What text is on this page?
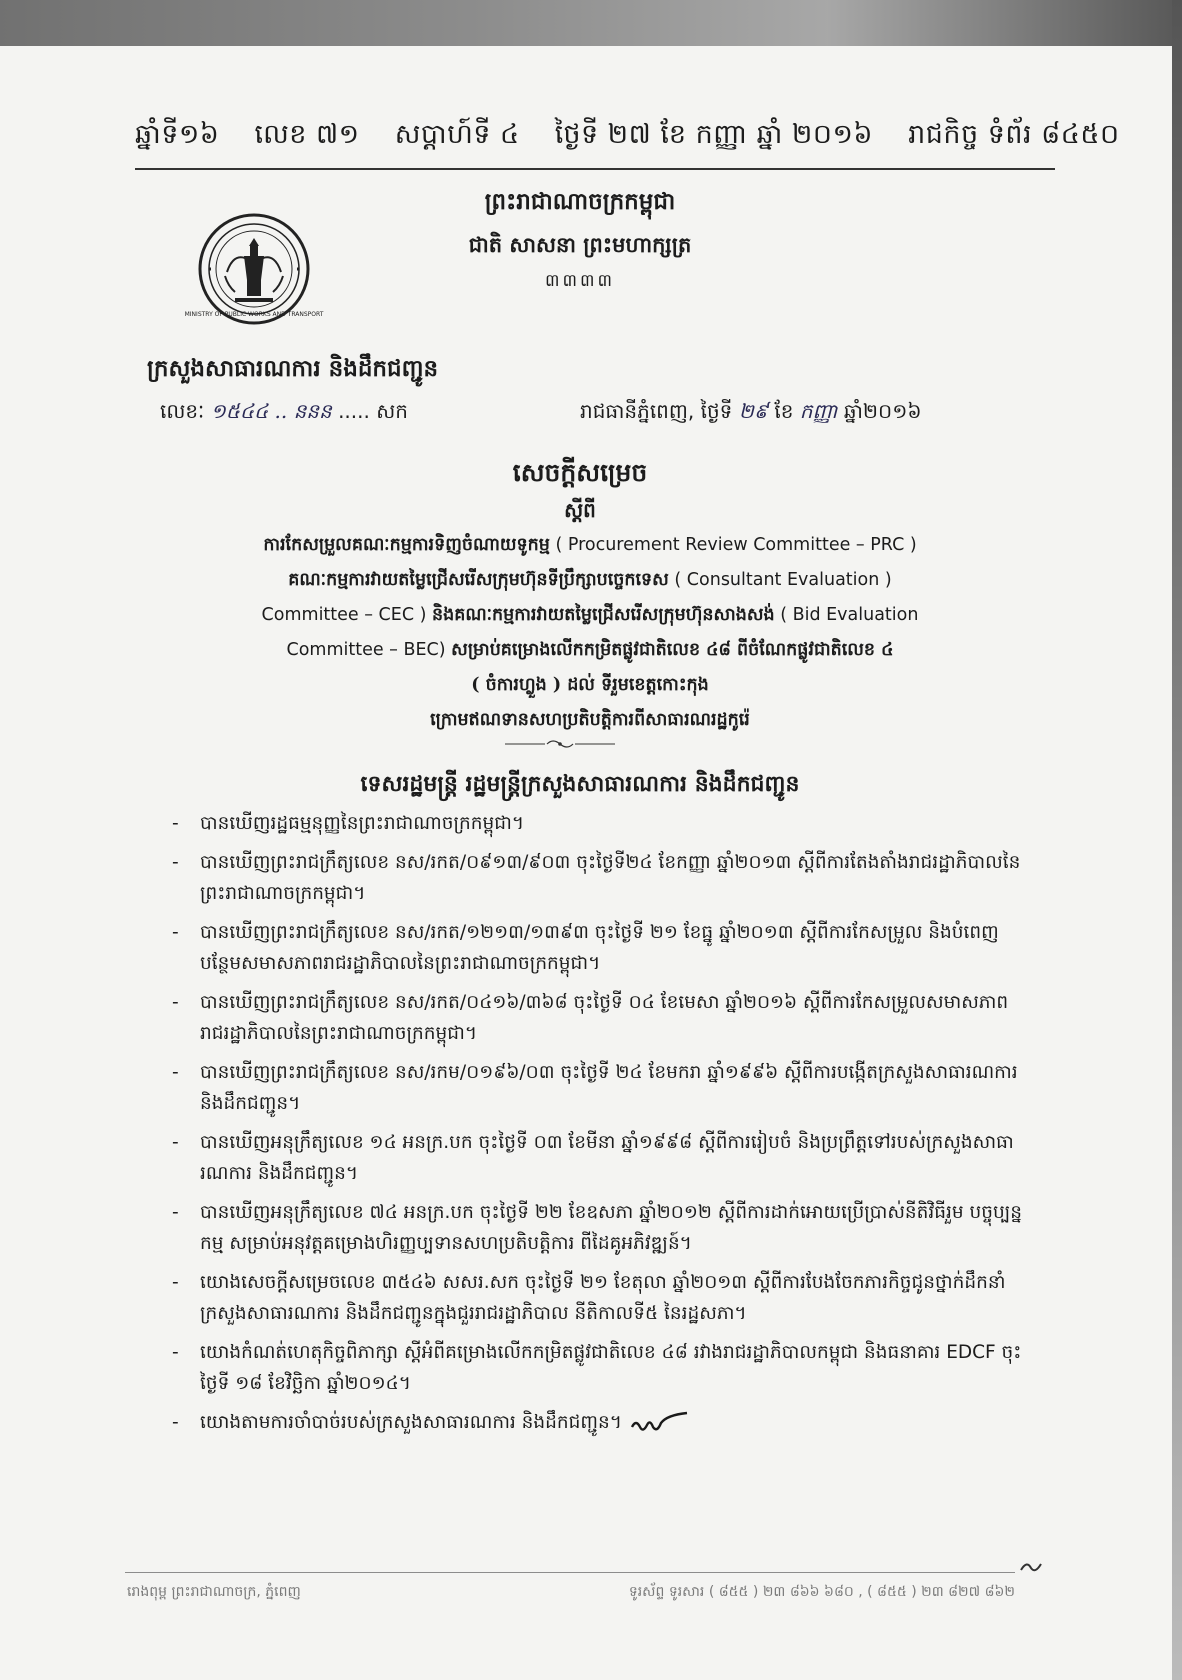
ឆ្នាំទី១៦ លេខ ៧១ សប្តាហ៍ទី ៤ ថ្ងៃទី ២៧ ខែ កញ្ញា ឆ្នាំ ២០១៦ រាជកិច្ច ទំព័រ ៨៤៥០
ព្រះរាជាណាចក្រកម្ពុជា
ជាតិ សាសនា ព្រះមហាក្សត្រ
៣៣៣៣
MINISTRY OF PUBLIC WORKS AND TRANSPORT
ក្រសួងសាធារណការ និងដឹកជញ្ជូន
លេខៈ ១៥៤៤ .. ននន ..... សក	រាជធានីភ្នំពេញ, ថ្ងៃទី ២៩ ខែ កញ្ញា ឆ្នាំ២០១៦
សេចក្តីសម្រេច
ស្តីពី
ការកែសម្រួលគណៈកម្មការទិញចំណាយទូកម្ម ( Procurement Review Committee – PRC )
គណៈកម្មការវាយតម្លៃជ្រើសរើសក្រុមហ៊ុនទីប្រឹក្សាបច្ចេកទេស ( Consultant Evaluation )
Committee – CEC ) និងគណៈកម្មការវាយតម្លៃជ្រើសរើសក្រុមហ៊ុនសាងសង់ ( Bid Evaluation
Committee – BEC) សម្រាប់គម្រោងលើកកម្រិតផ្លូវជាតិលេខ ៤៨ ពីចំណែកផ្លូវជាតិលេខ ៤
( ចំការហ្លួង ) ដល់ ទីរួមខេត្តកោះកុង
ក្រោមឥណទានសហប្រតិបត្តិការពីសាធារណរដ្ឋកូរ៉េ
ទេសរដ្ឋមន្ត្រី រដ្ឋមន្ត្រីក្រសួងសាធារណការ និងដឹកជញ្ជូន
- បានឃើញរដ្ឋធម្មនុញ្ញនៃព្រះរាជាណាចក្រកម្ពុជា។
- បានឃើញព្រះរាជក្រឹត្យលេខ នស/រកត/០៩១៣/៩០៣ ចុះថ្ងៃទី២៤ ខែកញ្ញា ឆ្នាំ២០១៣ ស្តីពីការតែងតាំងរាជរដ្ឋាភិបាលនៃព្រះរាជាណាចក្រកម្ពុជា។
- បានឃើញព្រះរាជក្រឹត្យលេខ នស/រកត/១២១៣/១៣៩៣ ចុះថ្ងៃទី ២១ ខែធ្នូ ឆ្នាំ២០១៣ ស្តីពីការកែសម្រួល និងបំពេញបន្ថែមសមាសភាពរាជរដ្ឋាភិបាលនៃព្រះរាជាណាចក្រកម្ពុជា។
- បានឃើញព្រះរាជក្រឹត្យលេខ នស/រកត/០៤១៦/៣៦៨ ចុះថ្ងៃទី ០៤ ខែមេសា ឆ្នាំ២០១៦ ស្តីពីការកែសម្រួលសមាសភាពរាជរដ្ឋាភិបាលនៃព្រះរាជាណាចក្រកម្ពុជា។
- បានឃើញព្រះរាជក្រឹត្យលេខ នស/រកម/០១៩៦/០៣ ចុះថ្ងៃទី ២៤ ខែមករា ឆ្នាំ១៩៩៦ ស្តីពីការបង្កើតក្រសួងសាធារណការ និងដឹកជញ្ជូន។
- បានឃើញអនុក្រឹត្យលេខ ១៤ អនក្រ.បក ចុះថ្ងៃទី ០៣ ខែមីនា ឆ្នាំ១៩៩៨ ស្តីពីការរៀបចំ និងប្រព្រឹត្តទៅរបស់ក្រសួងសាធារណការ និងដឹកជញ្ជូន។
- បានឃើញអនុក្រឹត្យលេខ ៧៤ អនក្រ.បក ចុះថ្ងៃទី ២២ ខែឧសភា ឆ្នាំ២០១២ ស្តីពីការដាក់អោយប្រើប្រាស់នីតិវិធីរួម បច្ចុប្បន្នកម្ម សម្រាប់អនុវត្តគម្រោងហិរញ្ញប្បទានសហប្រតិបត្តិការ ពីដៃគូអភិវឌ្ឍន៍។
- យោងសេចក្តីសម្រេចលេខ ៣៥៤៦ សសរ.សក ចុះថ្ងៃទី ២១ ខែតុលា ឆ្នាំ២០១៣ ស្តីពីការបែងចែកភារកិច្ចជូនថ្នាក់ដឹកនាំ ក្រសួងសាធារណការ និងដឹកជញ្ជូនក្នុងជួររាជរដ្ឋាភិបាល នីតិកាលទី៥ នៃរដ្ឋសភា។
- យោងកំណត់ហេតុកិច្ចពិភាក្សា ស្តីអំពីគម្រោងលើកកម្រិតផ្លូវជាតិលេខ ៤៨ រវាងរាជរដ្ឋាភិបាលកម្ពុជា និងធនាគារ EDCF ចុះថ្ងៃទី ១៨ ខែវិច្ឆិកា ឆ្នាំ២០១៤។
- យោងតាមការចាំបាច់របស់ក្រសួងសាធារណការ និងដឹកជញ្ជូន។
រោងពុម្ព ព្រះរាជាណាចក្រ, ភ្នំពេញ	ទូរស័ព្ទ ទូរសារ ( ៨៥៥ ) ២៣ ៨៦៦ ៦៨០ , ( ៨៥៥ ) ២៣ ៨២៧ ៨៦២
